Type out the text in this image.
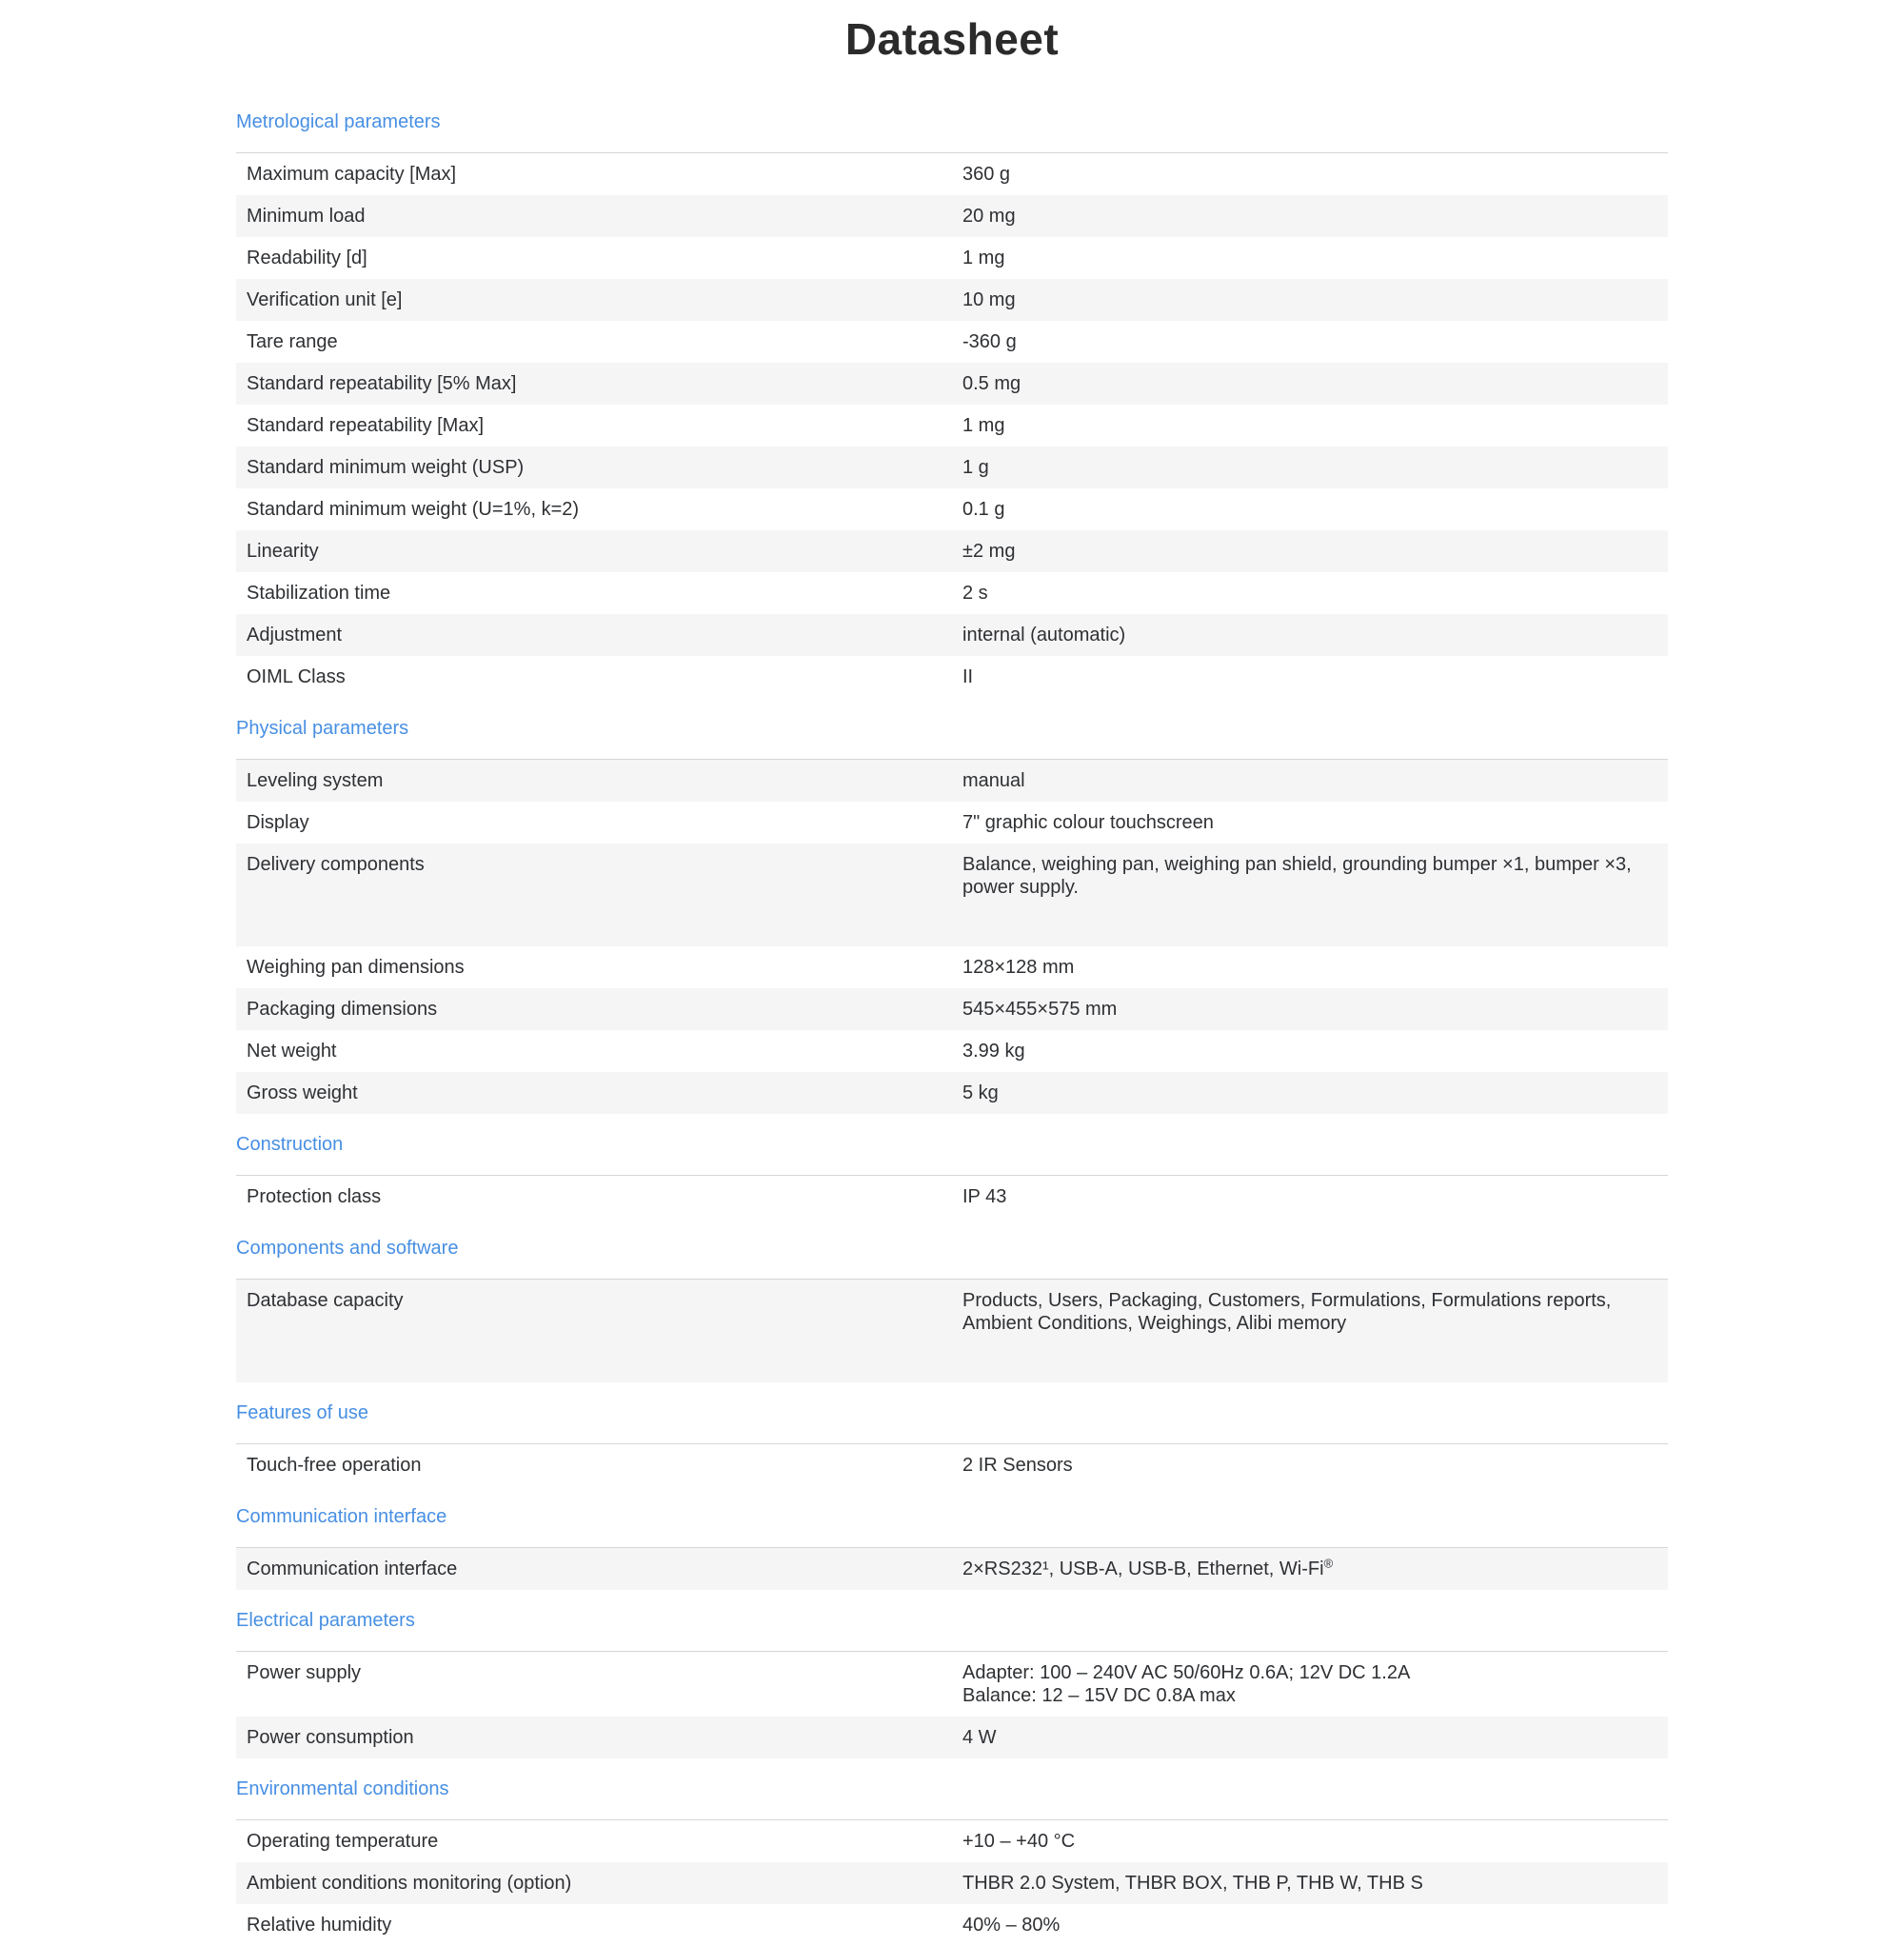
Datasheet
Metrological parameters

Maximum capacity [Max]	360 g

Minimum load	20 mg

Readability [d]	1 mg

Verification unit [e]	10 mg

Tare range	-360 g

Standard repeatability [5% Max]	0.5 mg

Standard repeatability [Max]	1 mg

Standard minimum weight (USP)	1 g

Standard minimum weight (U=1%, k=2)	0.1 g

Linearity	±2 mg

Stabilization time	2 s

Adjustment	internal (automatic)

OIML Class	II

Physical parameters

Leveling system	manual

Display	7" graphic colour touchscreen

Delivery components	Balance, weighing pan, weighing pan shield, grounding bumper ×1, bumper ×3,
power supply.

Weighing pan dimensions	128×128 mm

Packaging dimensions	545×455×575 mm

Net weight	3.99 kg

Gross weight	5 kg

Construction

Protection class	IP 43

Components and software

Database capacity	Products, Users, Packaging, Customers, Formulations, Formulations reports,
Ambient Conditions, Weighings, Alibi memory

Features of use

Touch-free operation	2 IR Sensors

Communication interface

Communication interface	2×RS232¹, USB-A, USB-B, Ethernet, Wi-Fi®

Electrical parameters

Power supply	Adapter: 100 – 240V AC 50/60Hz 0.6A; 12V DC 1.2A
Balance: 12 – 15V DC 0.8A max

Power consumption	4 W

Environmental conditions

Operating temperature	+10 – +40 °C

Ambient conditions monitoring (option)	THBR 2.0 System, THBR BOX, THB P, THB W, THB S

Relative humidity	40% – 80%
